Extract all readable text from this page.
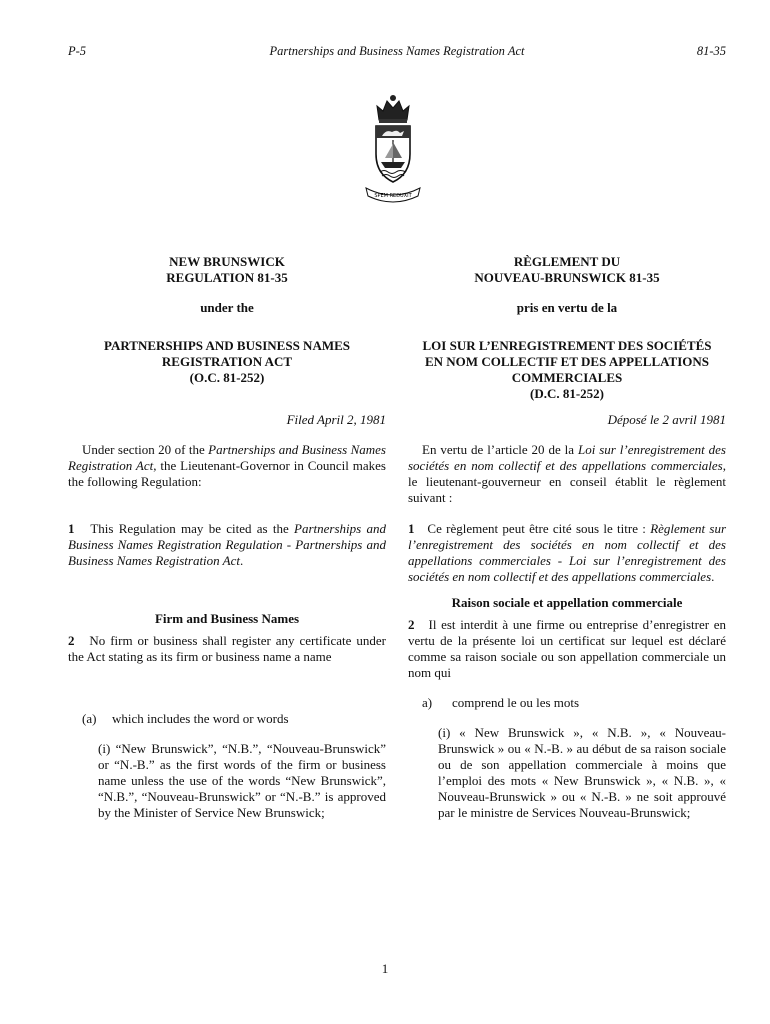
P-5	Partnerships and Business Names Registration Act	81-35
SPEM REDUXIT

NEW BRUNSWICK

REGULATION 81-35

under the

PARTNERSHIPS AND BUSINESS NAMES

REGISTRATION ACT

(O.C. 81-252)

Filed April 2, 1981

Under section 20 of the Partnerships and Business Names Registration Act, the Lieutenant-Governor in Council makes the following Regulation:

1 This Regulation may be cited as the Partnerships and Business Names Registration Regulation - Partnerships and Business Names Registration Act.

Firm and Business Names

2 No firm or business shall register any certificate under the Act stating as its firm or business name a name

(a) which includes the word or words

(i) “New Brunswick”, “N.B.”, “Nouveau-Brunswick” or “N.-B.” as the first words of the firm or business name unless the use of the words “New Brunswick”, “N.B.”, “Nouveau-Brunswick” or “N.-B.” is approved by the Minister of Service New Brunswick;

RÈGLEMENT DU

NOUVEAU-BRUNSWICK 81-35

pris en vertu de la

LOI SUR L’ENREGISTREMENT DES SOCIÉTÉS

EN NOM COLLECTIF ET DES APPELLATIONS

COMMERCIALES

(D.C. 81-252)

Déposé le 2 avril 1981

En vertu de l’article 20 de la Loi sur l’enregistrement des sociétés en nom collectif et des appellations commerciales, le lieutenant-gouverneur en conseil établit le règlement suivant :

1 Ce règlement peut être cité sous le titre : Règlement sur l’enregistrement des sociétés en nom collectif et des appellations commerciales - Loi sur l’enregistrement des sociétés en nom collectif et des appellations commerciales.

Raison sociale et appellation commerciale

2 Il est interdit à une firme ou entreprise d’enregistrer en vertu de la présente loi un certificat sur lequel est déclaré comme sa raison sociale ou son appellation commerciale un nom qui

a) comprend le ou les mots

(i) « New Brunswick », « N.B. », « Nouveau-Brunswick » ou « N.-B. » au début de sa raison sociale ou de son appellation commerciale à moins que l’emploi des mots « New Brunswick », « N.B. », « Nouveau-Brunswick » ou « N.-B. » ne soit approuvé par le ministre de Services Nouveau-Brunswick;

1
